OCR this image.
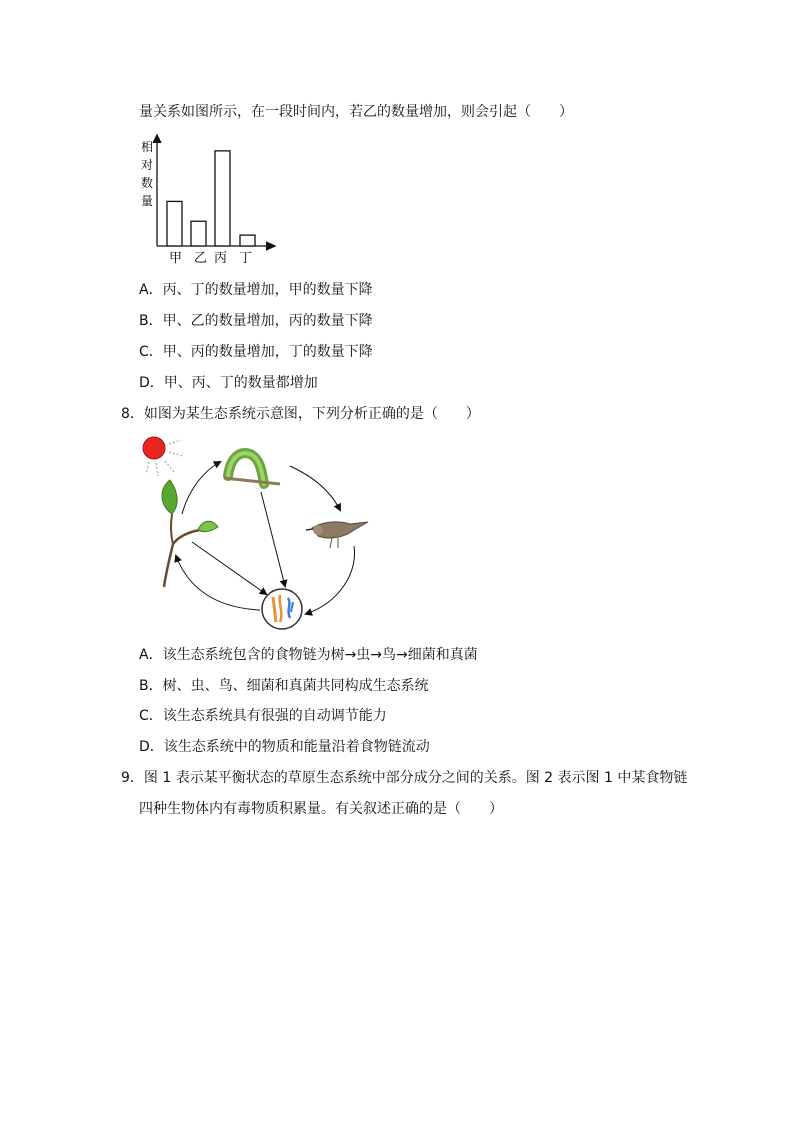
量关系如图所示，在一段时间内，若乙的数量增加，则会引起（　　）
相
对
数
量
甲 乙 丙 丁
A．丙、丁的数量增加，甲的数量下降
B．甲、乙的数量增加，丙的数量下降
C．甲、丙的数量增加，丁的数量下降
D．甲、丙、丁的数量都增加
8．如图为某生态系统示意图，下列分析正确的是（　　）
A．该生态系统包含的食物链为树→虫→鸟→细菌和真菌
B．树、虫、鸟、细菌和真菌共同构成生态系统
C．该生态系统具有很强的自动调节能力
D．该生态系统中的物质和能量沿着食物链流动
9．图 1 表示某平衡状态的草原生态系统中部分成分之间的关系。图 2 表示图 1 中某食物链
四种生物体内有毒物质积累量。有关叙述正确的是（　　）
